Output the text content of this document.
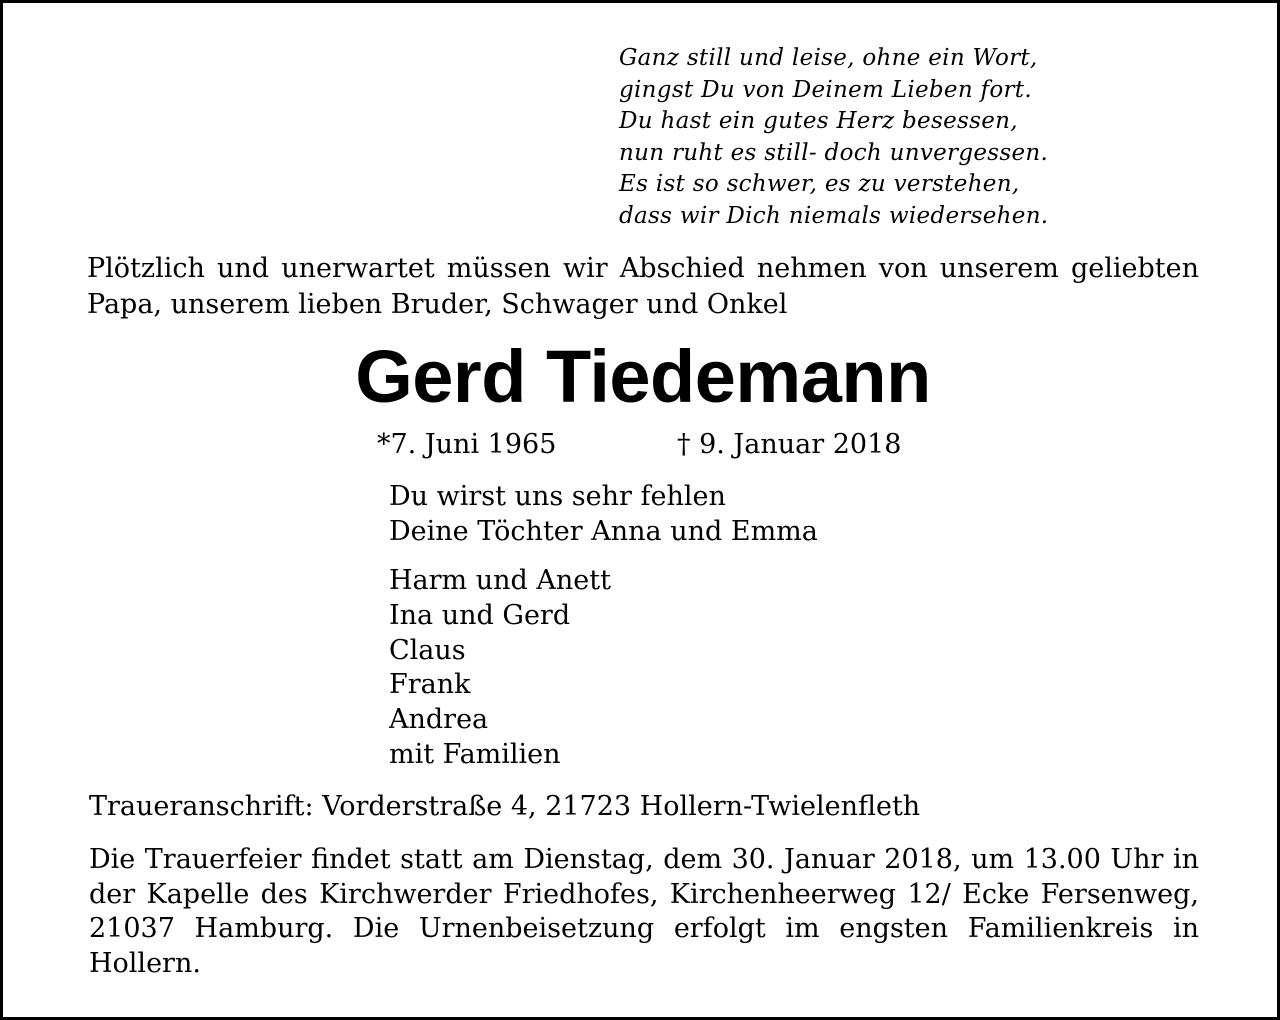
Ganz still und leise, ohne ein Wort,
gingst Du von Deinem Lieben fort.
Du hast ein gutes Herz besessen,
nun ruht es still- doch unvergessen.
Es ist so schwer, es zu verstehen,
dass wir Dich niemals wiedersehen.
Plötzlich und unerwartet müssen wir Abschied nehmen von unserem geliebten Papa, unserem lieben Bruder, Schwager und Onkel
Gerd Tiedemann
*7. Juni 1965	† 9. Januar 2018
Du wirst uns sehr fehlen
Deine Töchter Anna und Emma
Harm und Anett
Ina und Gerd
Claus
Frank
Andrea
mit Familien
Traueranschrift: Vorderstraße 4, 21723 Hollern-Twielenfleth
Die Trauerfeier findet statt am Dienstag, dem 30. Januar 2018, um 13.00 Uhr in der Kapelle des Kirchwerder Friedhofes, Kirchenheerweg 12/ Ecke Fersenweg, 21037 Hamburg. Die Urnenbeisetzung erfolgt im engsten Familienkreis in Hollern.
